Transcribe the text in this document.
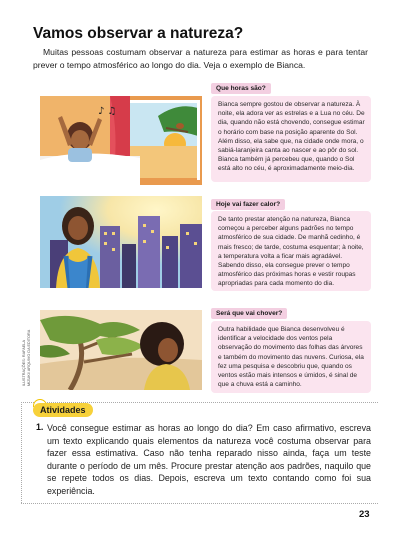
Vamos observar a natureza?

Muitas pessoas costumam observar a natureza para estimar as horas e para tentar prever o tempo atmosférico ao longo do dia. Veja o exemplo de Bianca.

♪ ♫
Que horas são?
Bianca sempre gostou de observar a natureza. À noite, ela adora ver as estrelas e a Lua no céu. De dia, quando não está chovendo, consegue estimar o horário com base na posição aparente do Sol. Além disso, ela sabe que, na cidade onde mora, o sabiá-laranjeira canta ao nascer e ao pôr do sol. Bianca também já percebeu que, quando o Sol está alto no céu, é aproximadamente meio-dia.
Hoje vai fazer calor?
De tanto prestar atenção na natureza, Bianca começou a perceber alguns padrões no tempo atmosférico de sua cidade. De manhã cedinho, é mais fresco; de tarde, costuma esquentar; à noite, a temperatura volta a ficar mais agradável. Sabendo disso, ela consegue prever o tempo atmosférico das próximas horas e vestir roupas apropriadas para cada momento do dia.
Será que vai chover?
Outra habilidade que Bianca desenvolveu é identificar a velocidade dos ventos pela observação do movimento das folhas das árvores e também do movimento das nuvens. Curiosa, ela fez uma pesquisa e descobriu que, quando os ventos estão mais intensos e úmidos, é sinal de que a chuva está a caminho.
ILUSTRAÇÕES: RAFAELA MIZUKI/ ARQUIVO DA EDITORA
Atividades
1. Você consegue estimar as horas ao longo do dia? Em caso afirmativo, escreva um texto explicando quais elementos da natureza você costuma observar para fazer essa estimativa. Caso não tenha reparado nisso ainda, faça um teste durante o período de um mês. Procure prestar atenção aos padrões, naquilo que se repete todos os dias. Depois, escreva um texto contando como foi sua experiência.

23
